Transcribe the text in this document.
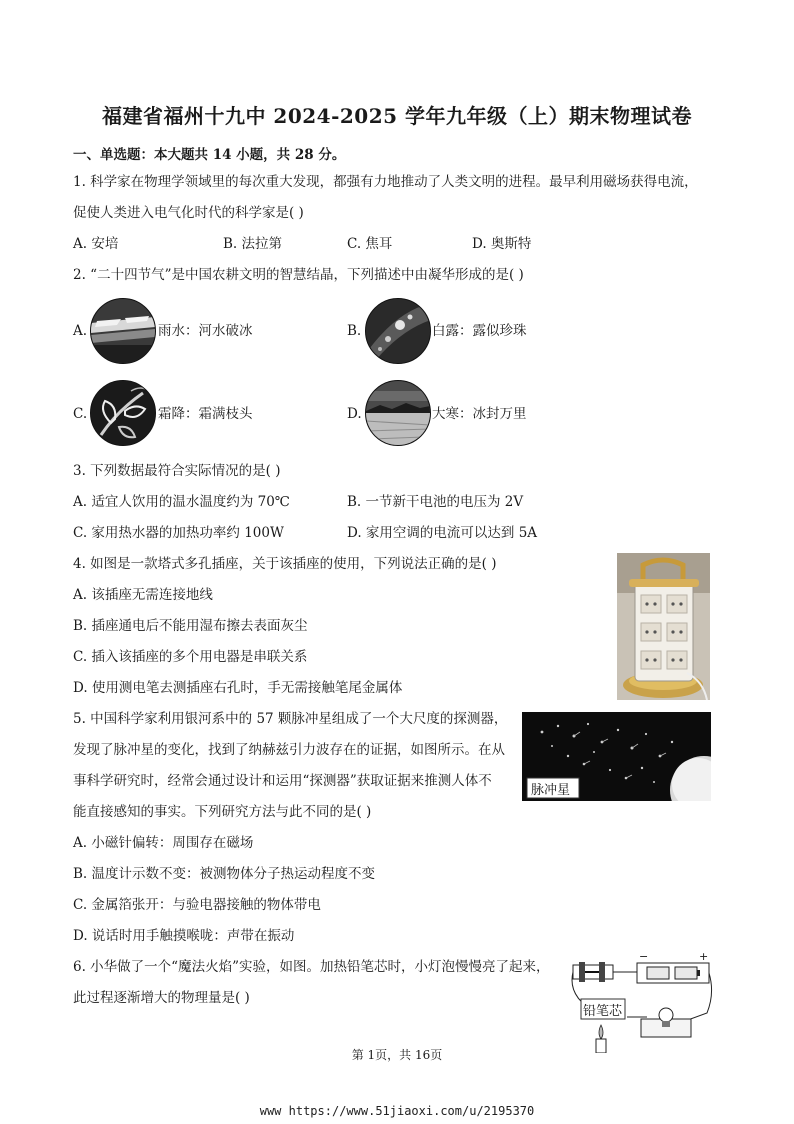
福建省福州十九中 2024-2025 学年九年级（上）期末物理试卷
一、单选题：本大题共 14 小题，共 28 分。
1. 科学家在物理学领域里的每次重大发现，都强有力地推动了人类文明的进程。最早利用磁场获得电流，
促使人类进入电气化时代的科学家是( )
A. 安培	B. 法拉第	C. 焦耳	D. 奥斯特
2. “二十四节气”是中国农耕文明的智慧结晶，下列描述中由凝华形成的是( )
A.	雨水：河水破冰	B.	白露：露似珍珠
C.	霜降：霜满枝头	D.	大寒：冰封万里
3. 下列数据最符合实际情况的是( )
A. 适宜人饮用的温水温度约为 70℃	B. 一节新干电池的电压为 2V
C. 家用热水器的加热功率约 100W	D. 家用空调的电流可以达到 5A
4. 如图是一款塔式多孔插座，关于该插座的使用，下列说法正确的是( )
A. 该插座无需连接地线
B. 插座通电后不能用湿布擦去表面灰尘
C. 插入该插座的多个用电器是串联关系
D. 使用测电笔去测插座右孔时，手无需接触笔尾金属体
5. 中国科学家利用银河系中的 57 颗脉冲星组成了一个大尺度的探测器，
发现了脉冲星的变化，找到了纳赫兹引力波存在的证据，如图所示。在从
事科学研究时，经常会通过设计和运用“探测器”获取证据来推测人体不
能直接感知的事实。下列研究方法与此不同的是( )
脉冲星
A. 小磁针偏转：周围存在磁场
B. 温度计示数不变：被测物体分子热运动程度不变
C. 金属箔张开：与验电器接触的物体带电
D. 说话时用手触摸喉咙：声带在振动
6. 小华做了一个“魔法火焰”实验，如图。加热铅笔芯时，小灯泡慢慢亮了起来，
此过程逐渐增大的物理量是( )
−	+
铅笔芯
第 1页，共 16页
www https://www.51jiaoxi.com/u/2195370
